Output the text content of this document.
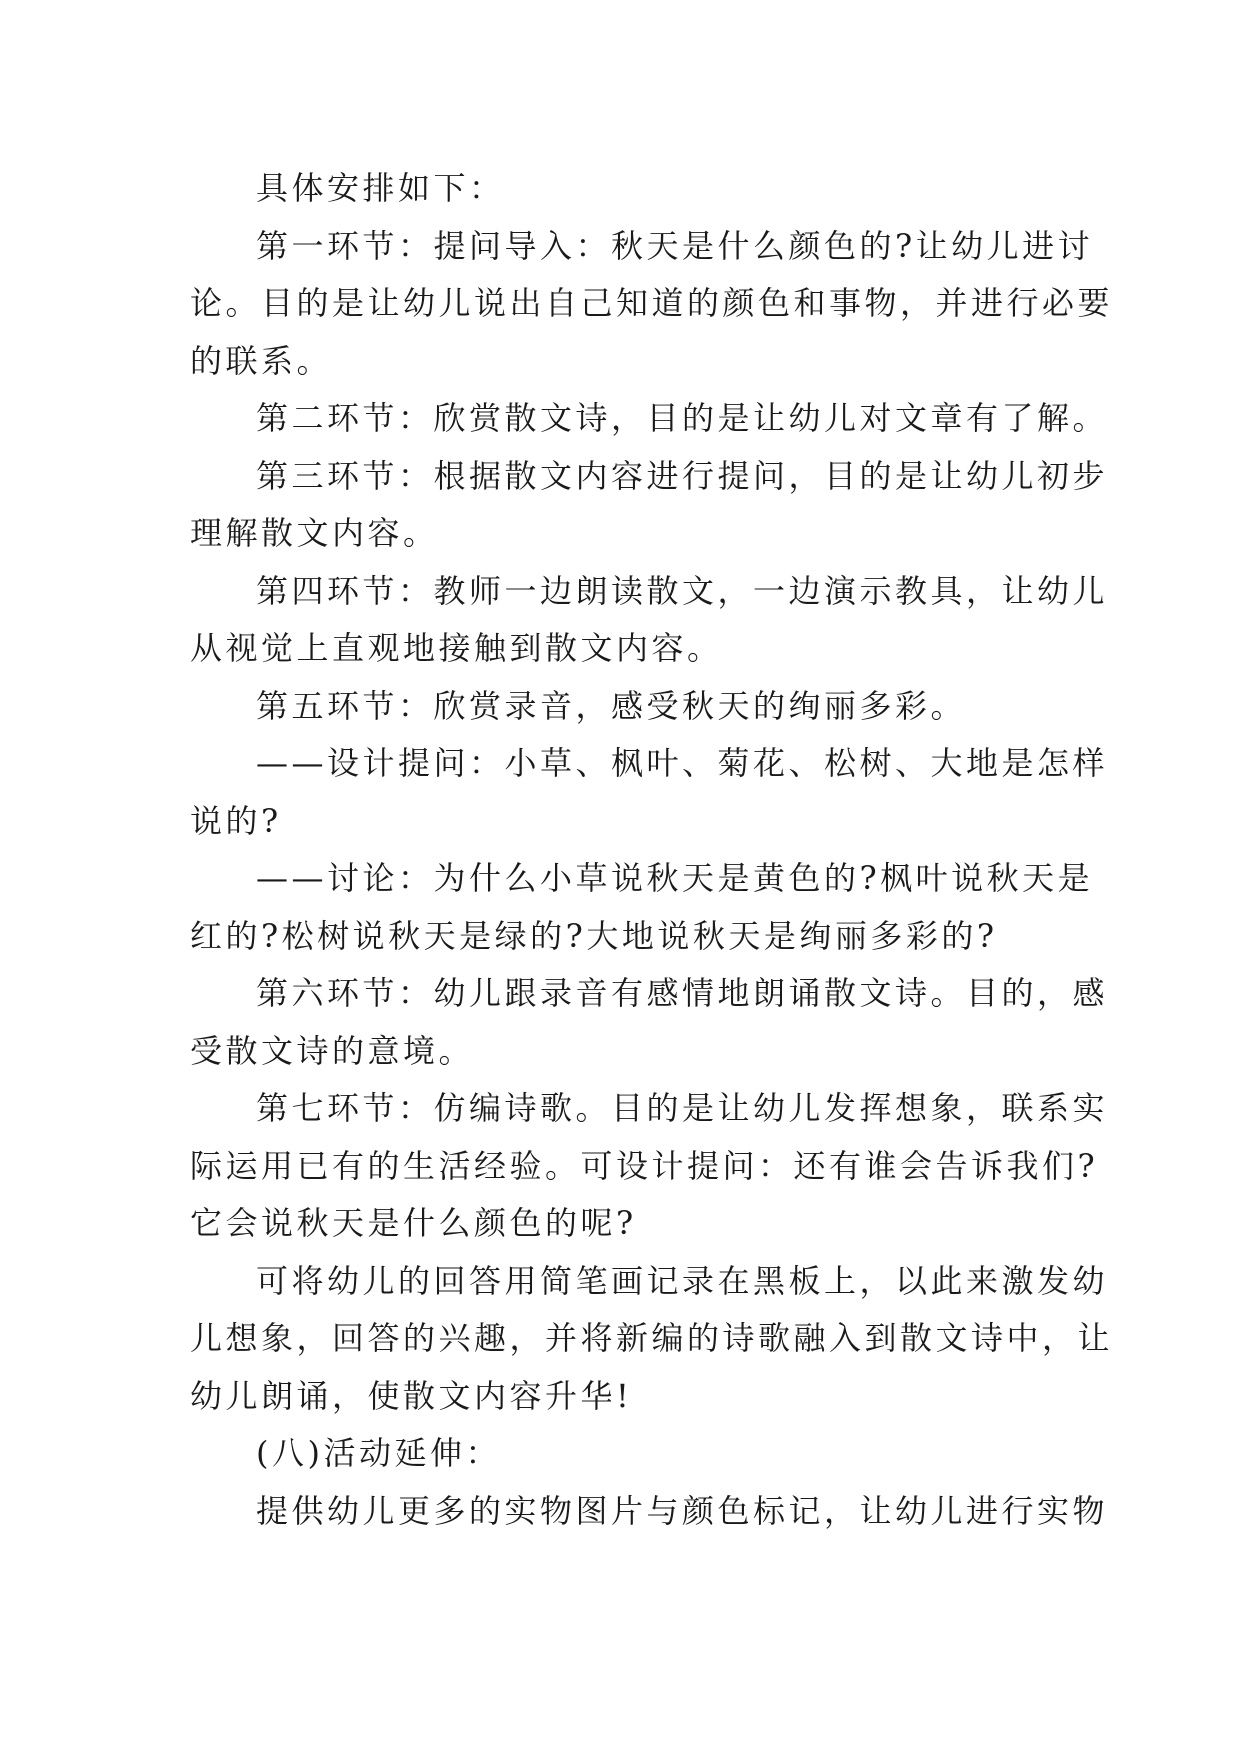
具体安排如下：
第一环节：提问导入：秋天是什么颜色的?让幼儿进讨
论。目的是让幼儿说出自己知道的颜色和事物，并进行必要
的联系。
第二环节：欣赏散文诗，目的是让幼儿对文章有了解。
第三环节：根据散文内容进行提问，目的是让幼儿初步
理解散文内容。
第四环节：教师一边朗读散文，一边演示教具，让幼儿
从视觉上直观地接触到散文内容。
第五环节：欣赏录音，感受秋天的绚丽多彩。
——设计提问：小草、枫叶、菊花、松树、大地是怎样
说的?
——讨论：为什么小草说秋天是黄色的?枫叶说秋天是
红的?松树说秋天是绿的?大地说秋天是绚丽多彩的?
第六环节：幼儿跟录音有感情地朗诵散文诗。目的，感
受散文诗的意境。
第七环节：仿编诗歌。目的是让幼儿发挥想象，联系实
际运用已有的生活经验。可设计提问：还有谁会告诉我们?
它会说秋天是什么颜色的呢?
可将幼儿的回答用简笔画记录在黑板上，以此来激发幼
儿想象，回答的兴趣，并将新编的诗歌融入到散文诗中，让
幼儿朗诵，使散文内容升华!
(八)活动延伸：
提供幼儿更多的实物图片与颜色标记，让幼儿进行实物
